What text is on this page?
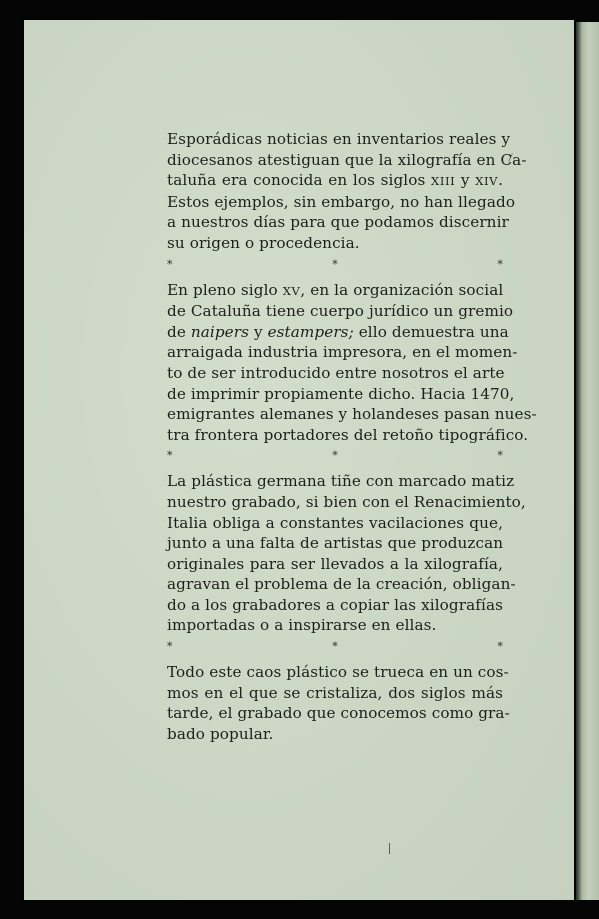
Esporádicas noticias en inventarios reales y
diocesanos atestiguan que la xilografía en Ca-
taluña era conocida en los siglos XIII y XIV.
Estos ejemplos, sin embargo, no han llegado
a nuestros días para que podamos discernir
su origen o procedencia.
*	*	*
En pleno siglo XV, en la organización social
de Cataluña tiene cuerpo jurídico un gremio
de naipers y estampers; ello demuestra una
arraigada industria impresora, en el momen-
to de ser introducido entre nosotros el arte
de imprimir propiamente dicho. Hacia 1470,
emigrantes alemanes y holandeses pasan nues-
tra frontera portadores del retoño tipográfico.
*	*	*
La plástica germana tiñe con marcado matiz
nuestro grabado, si bien con el Renacimiento,
Italia obliga a constantes vacilaciones que,
junto a una falta de artistas que produzcan
originales para ser llevados a la xilografía,
agravan el problema de la creación, obligan-
do a los grabadores a copiar las xilografías
importadas o a inspirarse en ellas.
*	*	*
Todo este caos plástico se trueca en un cos-
mos en el que se cristaliza, dos siglos más
tarde, el grabado que conocemos como gra-
bado popular.
